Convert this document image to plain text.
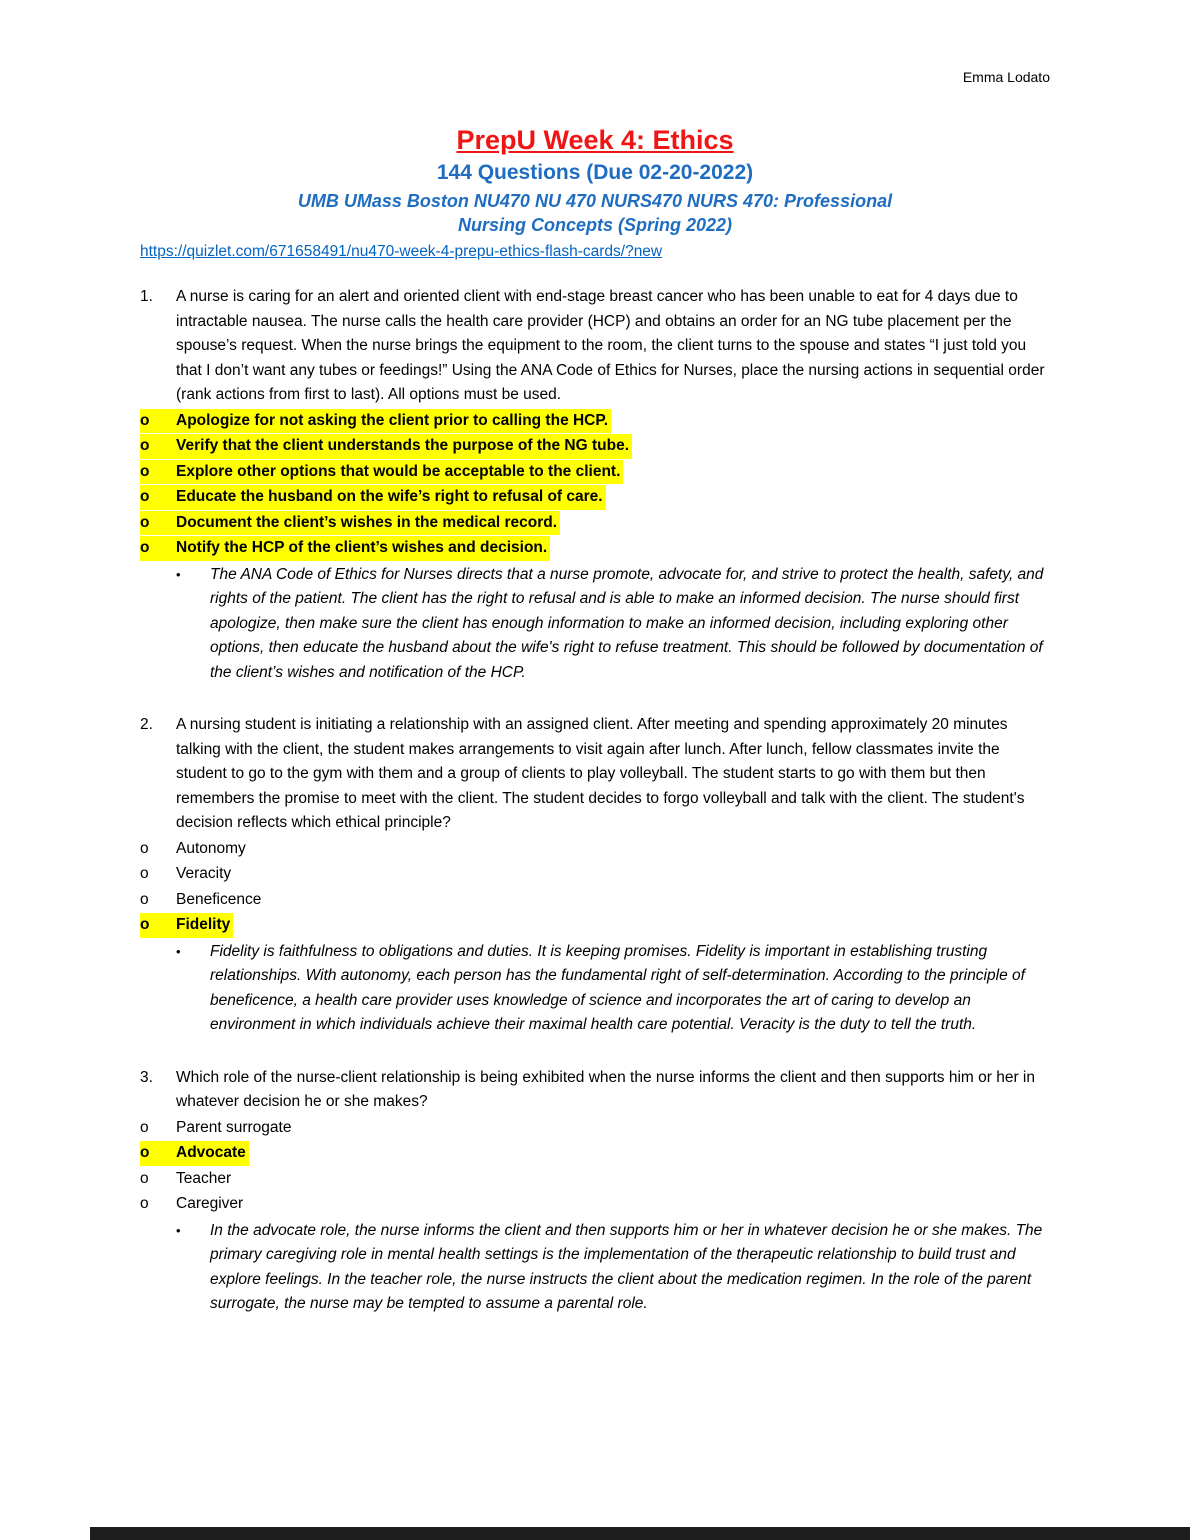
Emma Lodato
PrepU Week 4: Ethics
144 Questions (Due 02-20-2022)
UMB UMass Boston NU470 NU 470 NURS470 NURS 470: Professional
Nursing Concepts (Spring 2022)
https://quizlet.com/671658491/nu470-week-4-prepu-ethics-flash-cards/?new
1.	A nurse is caring for an alert and oriented client with end-stage breast cancer who has been unable to eat for 4 days due to intractable nausea. The nurse calls the health care provider (HCP) and obtains an order for an NG tube placement per the spouse’s request. When the nurse brings the equipment to the room, the client turns to the spouse and states “I just told you that I don’t want any tubes or feedings!” Using the ANA Code of Ethics for Nurses, place the nursing actions in sequential order (rank actions from first to last). All options must be used.
o	Apologize for not asking the client prior to calling the HCP.
o	Verify that the client understands the purpose of the NG tube.
o	Explore other options that would be acceptable to the client.
o	Educate the husband on the wife’s right to refusal of care.
o	Document the client’s wishes in the medical record.
o	Notify the HCP of the client’s wishes and decision.
•	The ANA Code of Ethics for Nurses directs that a nurse promote, advocate for, and strive to protect the health, safety, and rights of the patient. The client has the right to refusal and is able to make an informed decision. The nurse should first apologize, then make sure the client has enough information to make an informed decision, including exploring other options, then educate the husband about the wife's right to refuse treatment. This should be followed by documentation of the client’s wishes and notification of the HCP.
2.	A nursing student is initiating a relationship with an assigned client. After meeting and spending approximately 20 minutes talking with the client, the student makes arrangements to visit again after lunch. After lunch, fellow classmates invite the student to go to the gym with them and a group of clients to play volleyball. The student starts to go with them but then remembers the promise to meet with the client. The student decides to forgo volleyball and talk with the client. The student's decision reflects which ethical principle?
o	Autonomy
o	Veracity
o	Beneficence
o	Fidelity
•	Fidelity is faithfulness to obligations and duties. It is keeping promises. Fidelity is important in establishing trusting relationships. With autonomy, each person has the fundamental right of self-determination. According to the principle of beneficence, a health care provider uses knowledge of science and incorporates the art of caring to develop an environment in which individuals achieve their maximal health care potential. Veracity is the duty to tell the truth.
3.	Which role of the nurse-client relationship is being exhibited when the nurse informs the client and then supports him or her in whatever decision he or she makes?
o	Parent surrogate
o	Advocate
o	Teacher
o	Caregiver
•	In the advocate role, the nurse informs the client and then supports him or her in whatever decision he or she makes. The primary caregiving role in mental health settings is the implementation of the therapeutic relationship to build trust and explore feelings. In the teacher role, the nurse instructs the client about the medication regimen. In the role of the parent surrogate, the nurse may be tempted to assume a parental role.
